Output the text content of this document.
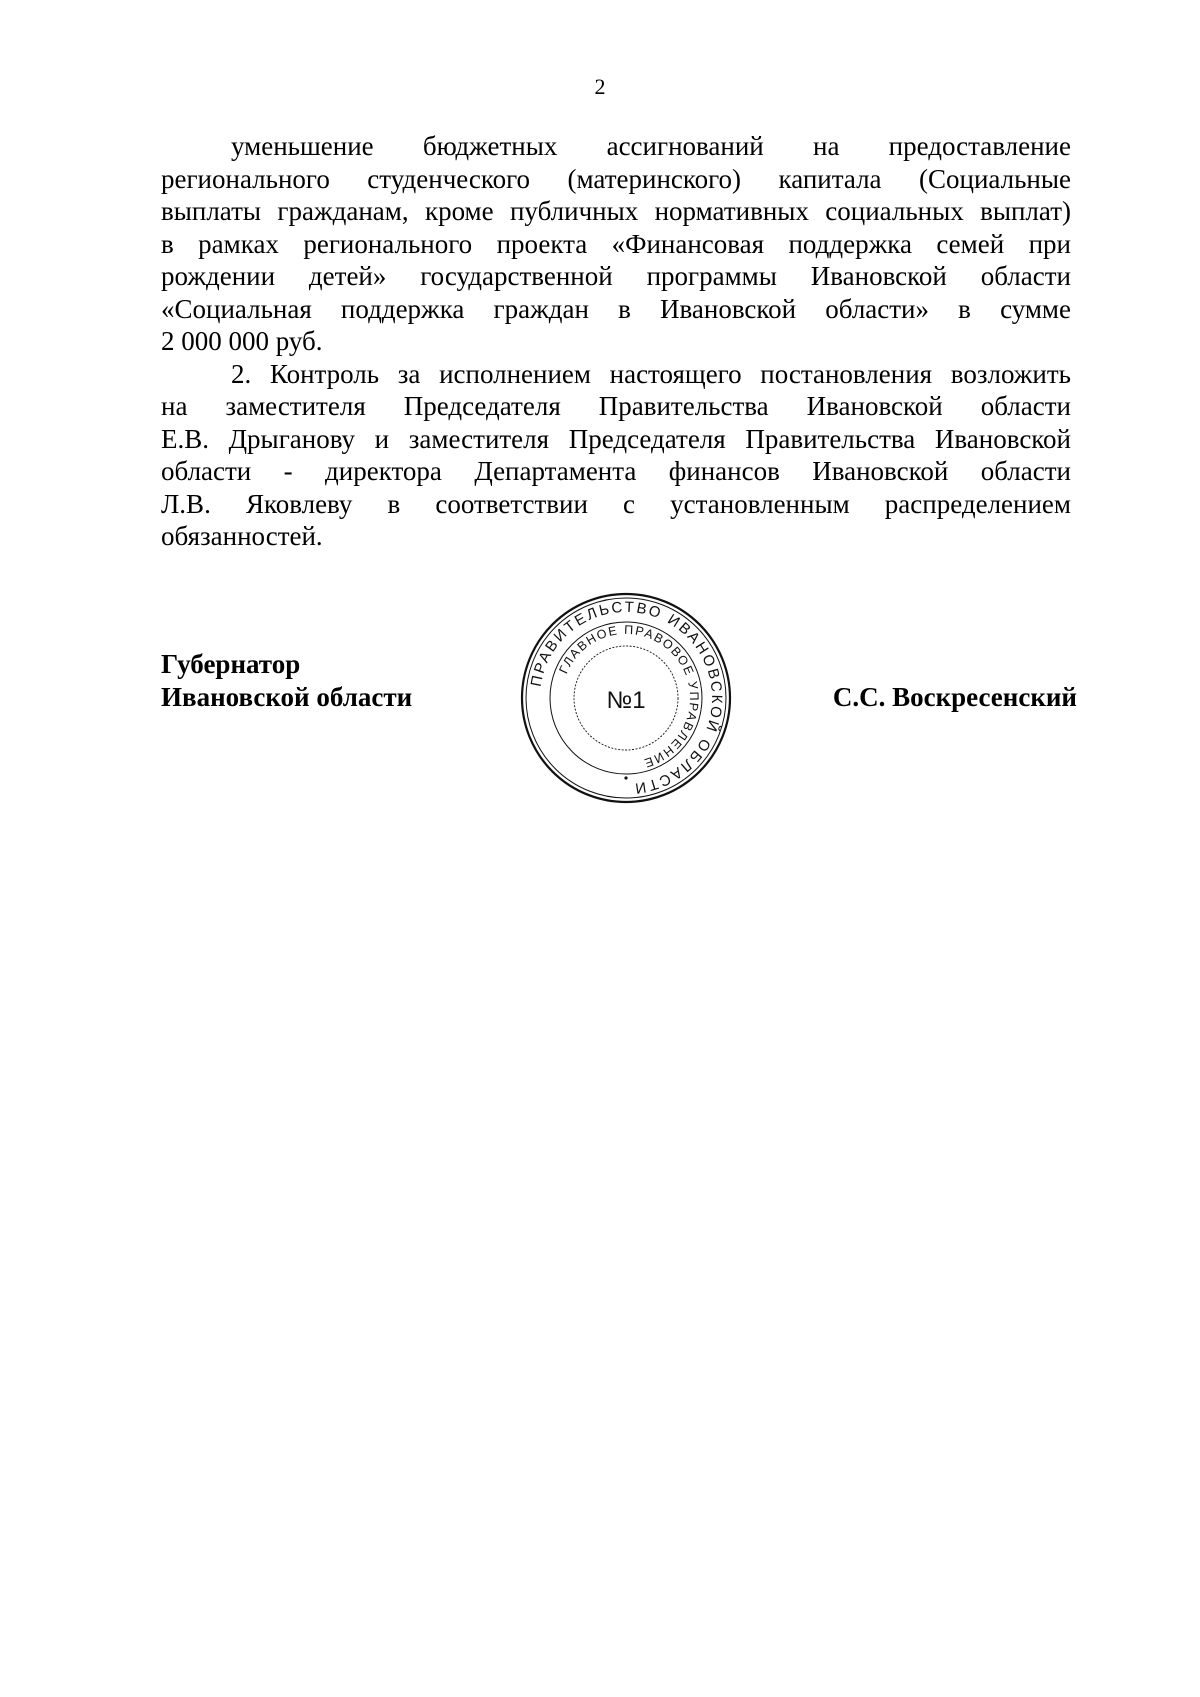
2
уменьшение бюджетных ассигнований на предоставление
регионального студенческого (материнского) капитала (Социальные
выплаты гражданам, кроме публичных нормативных социальных выплат)
в рамках регионального проекта «Финансовая поддержка семей при
рождении детей» государственной программы Ивановской области
«Социальная поддержка граждан в Ивановской области» в сумме
2 000 000 руб.
2. Контроль за исполнением настоящего постановления возложить
на заместителя Председателя Правительства Ивановской области
Е.В. Дрыганову и заместителя Председателя Правительства Ивановской
области - директора Департамента финансов Ивановской области
Л.В. Яковлеву в соответствии с установленным распределением
обязанностей.
Губернатор
Ивановской области	С.С. Воскресенский
ПРАВИТЕЛЬСТВО ИВАНОВСКОЙ ОБЛАСТИ
ГЛАВНОЕ ПРАВОВОЕ УПРАВЛЕНИЕ
№1
